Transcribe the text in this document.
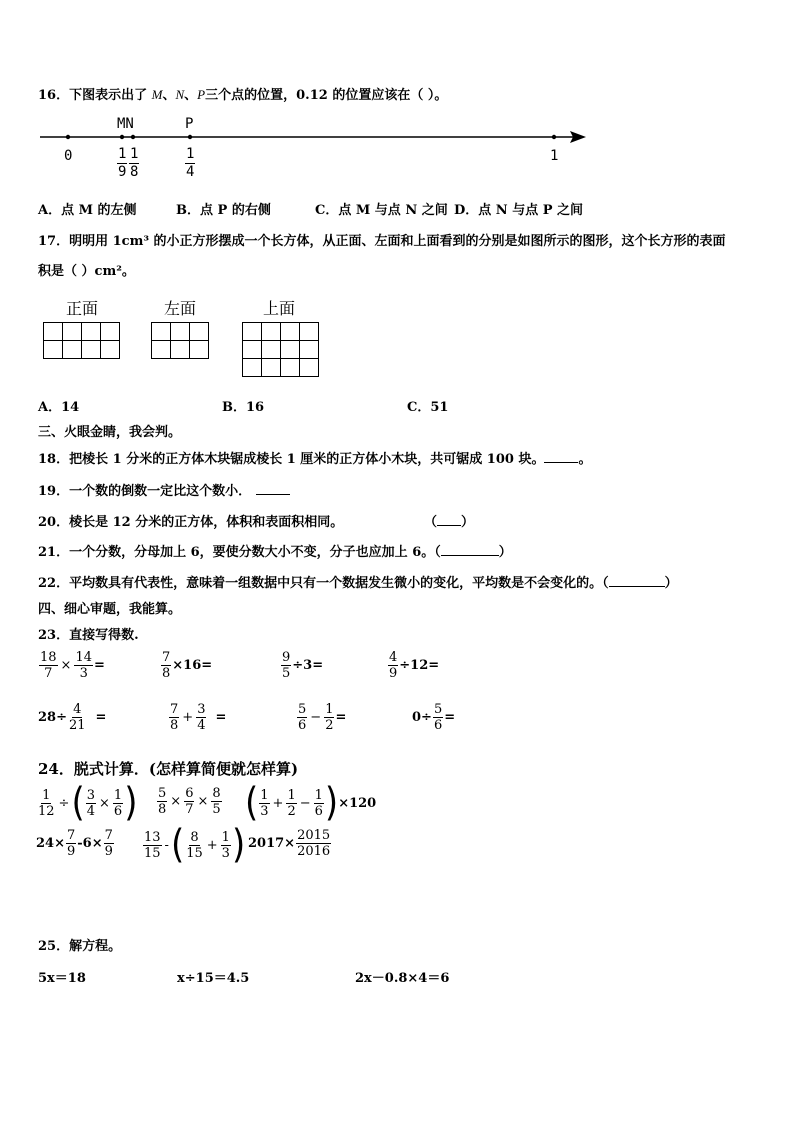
16．下图表示出了 M、N、P三个点的位置，0.12 的位置应该在（ ）。
MN	P
0	1
$\frac{1}{9} \frac{1}{8}$	$\frac{1}{4}$
A．点 M 的左侧	B．点 P 的右侧	C．点 M 与点 N 之间 D．点 N 与点 P 之间
17．明明用 1cm³ 的小正方形摆成一个长方体，从正面、左面和上面看到的分别是如图所示的图形，这个长方形的表面
积是（ ）cm²。
正面	左面	上面

A．14	B．16	C．51
三、火眼金睛，我会判。
18．把棱长 1 分米的正方体木块锯成棱长 1 厘米的正方体小木块，共可锯成 100 块。	。
19．一个数的倒数一定比这个数小．
20．棱长是 12 分米的正方体，体积和表面积相同。	（ ）
21．一个分数，分母加上 6，要使分数大小不变，分子也应加上 6。（	）
22．平均数具有代表性，意味着一组数据中只有一个数据发生微小的变化，平均数是不会变化的。（	）
四、细心审题，我能算。
23．直接写得数.
$\frac{18}{7} \times \frac{14}{3}$ =	$\frac{7}{8} \times 16=$	$\frac{9}{5} \div 3=$	$\frac{4}{9} \div 12=$
$28\div \frac{4}{21}$ =	$\frac{7}{8} + \frac{3}{4}$ =	$\frac{5}{6} - \frac{1}{2}$ =	$0\div \frac{5}{6}$ =
24．脱式计算．(怎样算简便就怎样算)
$\frac{1}{12}$ ÷ ( $\frac{3}{4} \times \frac{1}{6}$ ) $\frac{5}{8} \times \frac{6}{7} \times \frac{8}{5}$ ( $\frac{1}{3} + \frac{1}{2} - \frac{1}{6}$ ) ×120
$24\times \frac{7}{9} -6\times \frac{7}{9} \frac{13}{15}$ - ( $\frac{8}{15} + \frac{1}{3}$ ) $2017\times \frac{2015}{2016}$
25．解方程。
5x＝18	x÷15＝4.5	2x－0.8×4＝6
